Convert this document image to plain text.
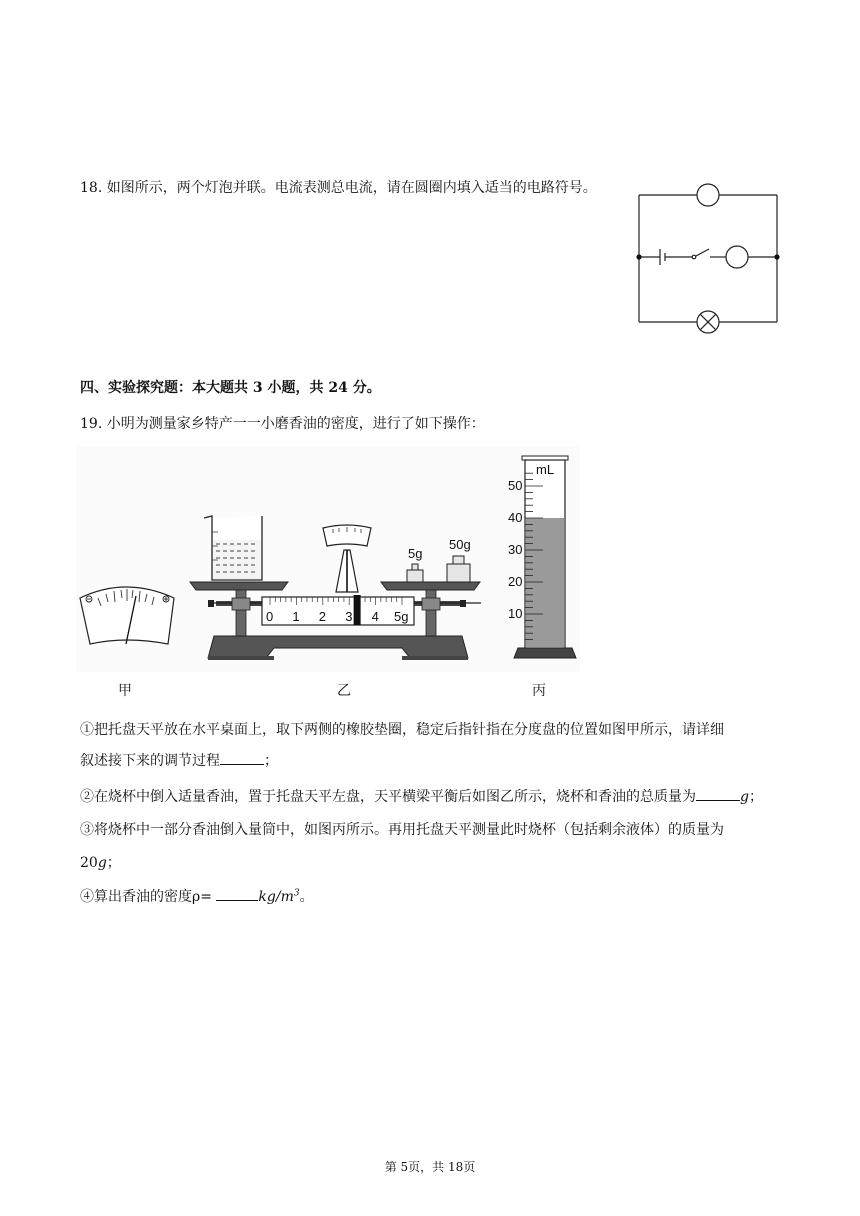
18. 如图所示，两个灯泡并联。电流表测总电流，请在圆圈内填入适当的电路符号。
四、实验探究题：本大题共 3 小题，共 24 分。
19. 小明为测量家乡特产一一小磨香油的密度，进行了如下操作：
0 1 2 3 4 5g
50
40
30
20
10
5g
50g
mL
甲	乙	丙
①把托盘天平放在水平桌面上，取下两侧的橡胶垫圈，稳定后指针指在分度盘的位置如图甲所示，请详细
叙述接下来的调节过程	；
②在烧杯中倒入适量香油，置于托盘天平左盘，天平横梁平衡后如图乙所示，烧杯和香油的总质量为	g；
③将烧杯中一部分香油倒入量筒中，如图丙所示。再用托盘天平测量此时烧杯（包括剩余液体）的质量为
20g；
④算出香油的密度ρ=	$kg/m^3$。
第 5页，共 18页
